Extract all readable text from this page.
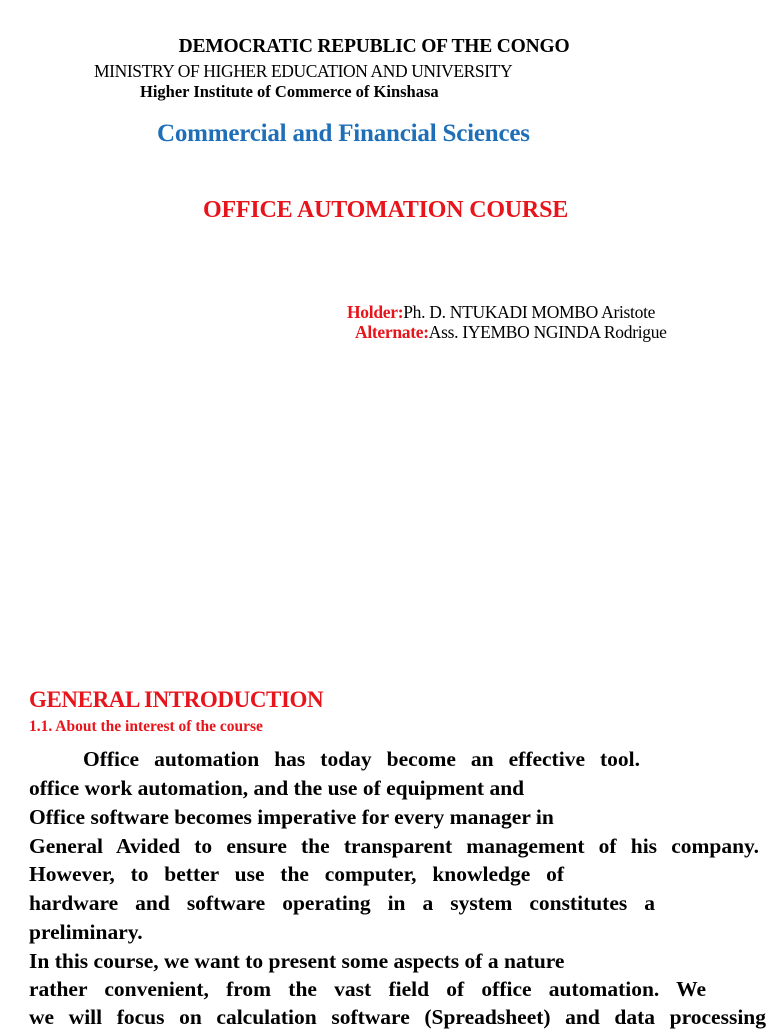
DEMOCRATIC REPUBLIC OF THE CONGO
MINISTRY OF HIGHER EDUCATION AND UNIVERSITY
Higher Institute of Commerce of Kinshasa
Commercial and Financial Sciences
OFFICE AUTOMATION COURSE
Holder:Ph. D. NTUKADI MOMBO Aristote
Alternate:Ass. IYEMBO NGINDA Rodrigue
GENERAL INTRODUCTION
1.1. About the interest of the course
Office automation has today become an effective tool.
office work automation, and the use of equipment and
Office software becomes imperative for every manager in
General Avided to ensure the transparent management of his company.
However, to better use the computer, knowledge of
hardware and software operating in a system constitutes a
preliminary.
In this course, we want to present some aspects of a nature
rather convenient, from the vast field of office automation. We
we will focus on calculation software (Spreadsheet) and data processing
